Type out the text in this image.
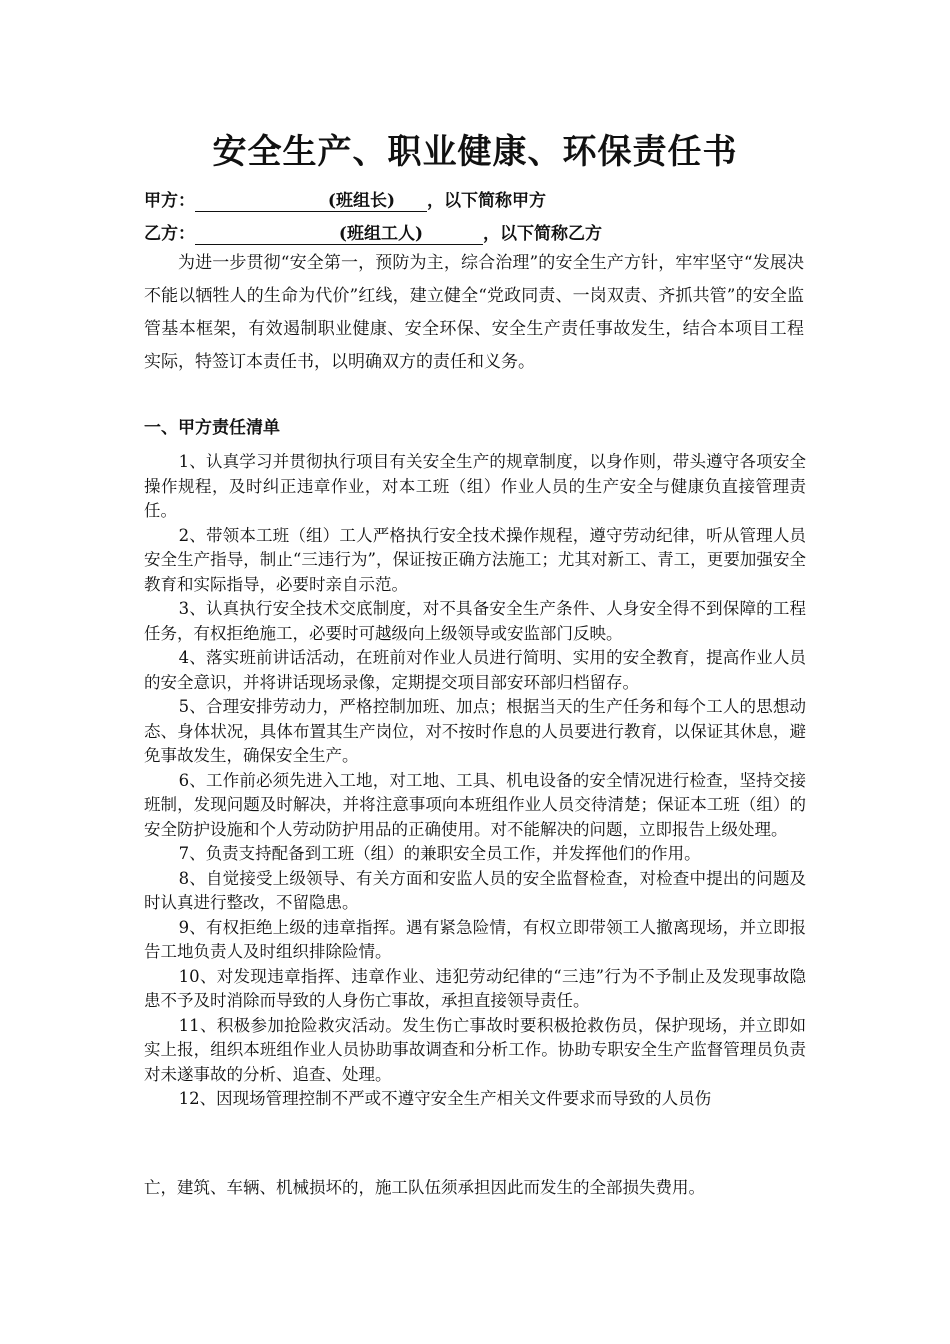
安全生产、职业健康、环保责任书
甲方：	(班组长) ，以下简称甲方
乙方：	(班组工人)	，以下简称乙方

为进一步贯彻“安全第一，预防为主，综合治理”的安全生产方针，牢牢坚守“发展决不能以牺牲人的生命为代价”红线，建立健全“党政同责、一岗双责、齐抓共管”的安全监管基本框架，有效遏制职业健康、安全环保、安全生产责任事故发生，结合本项目工程实际，特签订本责任书，以明确双方的责任和义务。

一、甲方责任清单

1、认真学习并贯彻执行项目有关安全生产的规章制度，以身作则，带头遵守各项安全操作规程，及时纠正违章作业，对本工班（组）作业人员的生产安全与健康负直接管理责任。

2、带领本工班（组）工人严格执行安全技术操作规程，遵守劳动纪律，听从管理人员安全生产指导，制止“三违行为”，保证按正确方法施工；尤其对新工、青工，更要加强安全教育和实际指导，必要时亲自示范。

3、认真执行安全技术交底制度，对不具备安全生产条件、人身安全得不到保障的工程任务，有权拒绝施工，必要时可越级向上级领导或安监部门反映。

4、落实班前讲话活动，在班前对作业人员进行简明、实用的安全教育，提高作业人员的安全意识，并将讲话现场录像，定期提交项目部安环部归档留存。

5、合理安排劳动力，严格控制加班、加点；根据当天的生产任务和每个工人的思想动态、身体状况，具体布置其生产岗位，对不按时作息的人员要进行教育，以保证其休息，避免事故发生，确保安全生产。

6、工作前必须先进入工地，对工地、工具、机电设备的安全情况进行检查，坚持交接班制，发现问题及时解决，并将注意事项向本班组作业人员交待清楚；保证本工班（组）的安全防护设施和个人劳动防护用品的正确使用。对不能解决的问题，立即报告上级处理。

7、负责支持配备到工班（组）的兼职安全员工作，并发挥他们的作用。

8、自觉接受上级领导、有关方面和安监人员的安全监督检查，对检查中提出的问题及时认真进行整改，不留隐患。

9、有权拒绝上级的违章指挥。遇有紧急险情，有权立即带领工人撤离现场，并立即报告工地负责人及时组织排除险情。

10、对发现违章指挥、违章作业、违犯劳动纪律的“三违”行为不予制止及发现事故隐患不予及时消除而导致的人身伤亡事故，承担直接领导责任。

11、积极参加抢险救灾活动。发生伤亡事故时要积极抢救伤员，保护现场，并立即如实上报，组织本班组作业人员协助事故调查和分析工作。协助专职安全生产监督管理员负责对未遂事故的分析、追查、处理。

12、因现场管理控制不严或不遵守安全生产相关文件要求而导致的人员伤

亡，建筑、车辆、机械损坏的，施工队伍须承担因此而发生的全部损失费用。
